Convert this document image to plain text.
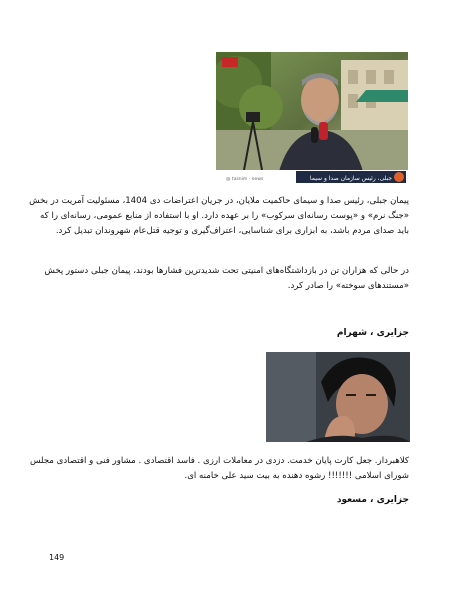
جبلی، رئیس سازمان صدا و سیما
@ tasnim · news

پیمان جبلی، رئیس صدا و سیمای حاکمیت ملایان، در جریان اعتراضات دی 1404، مسئولیت آمریت در بخش «جنگ نرم» و «پوست رسانه‌ای سرکوب» را بر عهده دارد. او با استفاده از منابع عمومی، رسانه‌ای را که باید صدای مردم باشد، به ابزاری برای شناسایی، اعتراف‌گیری و توجیه قتل‌عام شهروندان تبدیل کرد.

در حالی که هزاران تن در بازداشتگاه‌های امنیتی تحت شدیدترین فشارها بودند، پیمان جبلی دستور پخش «مستندهای سوخته» را صادر کرد.

جزایری ، شهرام

کلاهبردار. جعل کارت پایان خدمت. دزدی در معاملات ارزی . فاسد اقتصادی . مشاور فنی و اقتصادی مجلس شورای اسلامی !!!!!!! رشوه دهنده به بیت سید علی خامنه ای.

جزایری ، مسعود

149
